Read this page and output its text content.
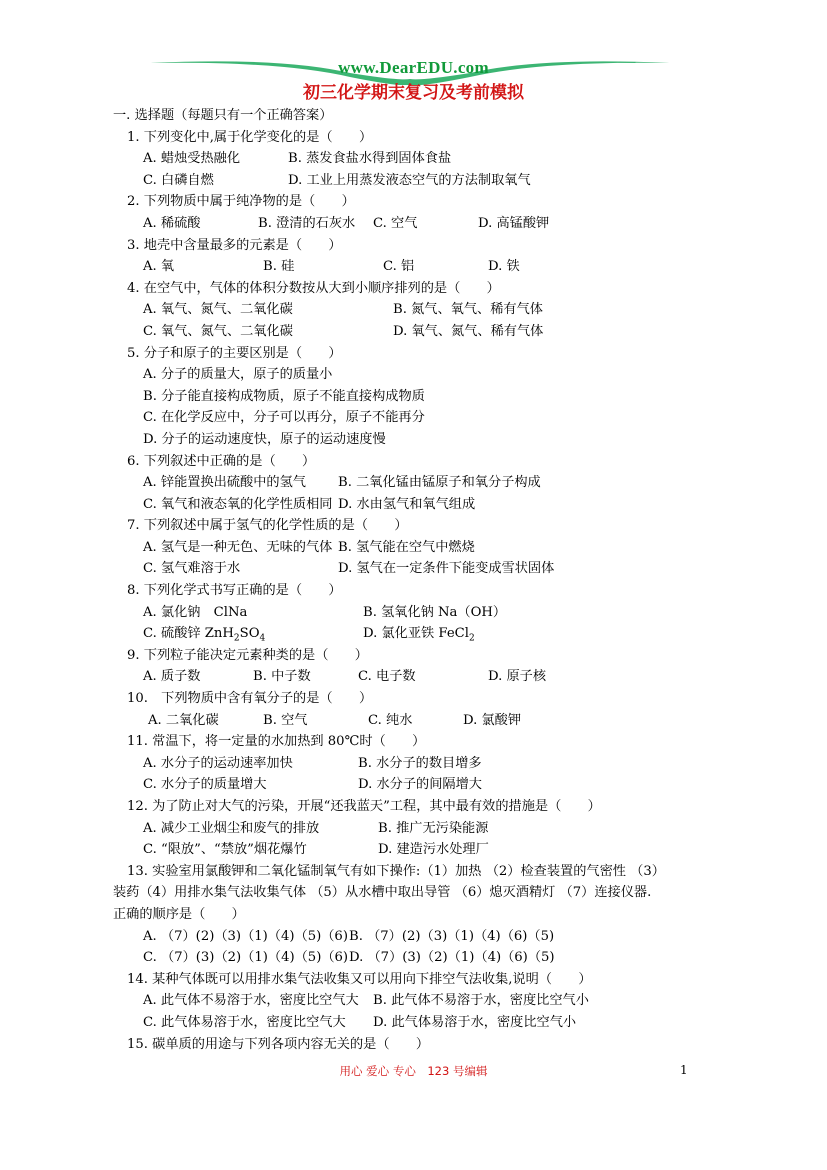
www.DearEDU.com
初三化学期末复习及考前模拟
一. 选择题（每题只有一个正确答案）
1. 下列变化中,属于化学变化的是（　　）
A. 蜡烛受热融化	B. 蒸发食盐水得到固体食盐
C. 白磷自燃	D. 工业上用蒸发液态空气的方法制取氧气
2. 下列物质中属于纯净物的是（　　）
A. 稀硫酸	B. 澄清的石灰水 C. 空气	D. 高锰酸钾
3. 地壳中含量最多的元素是（　　）
A. 氧	B. 硅	C. 铝	D. 铁
4. 在空气中，气体的体积分数按从大到小顺序排列的是（　　）
A. 氧气、氮气、二氧化碳	B. 氮气、氧气、稀有气体
C. 氧气、氮气、二氧化碳	D. 氧气、氮气、稀有气体
5. 分子和原子的主要区别是（　　）
A. 分子的质量大，原子的质量小
B. 分子能直接构成物质，原子不能直接构成物质
C. 在化学反应中，分子可以再分，原子不能再分
D. 分子的运动速度快，原子的运动速度慢
6. 下列叙述中正确的是（　　）
A. 锌能置换出硫酸中的氢气 B. 二氧化锰由锰原子和氧分子构成
C. 氧气和液态氧的化学性质相同 D. 水由氢气和氧气组成
7. 下列叙述中属于氢气的化学性质的是（　　）
A. 氢气是一种无色、无味的气体 B. 氢气能在空气中燃烧
C. 氢气难溶于水	D. 氢气在一定条件下能变成雪状固体
8. 下列化学式书写正确的是（　　）
A. 氯化钠　ClNa	B. 氢氧化钠 Na（OH）
C. 硫酸锌 $ZnH_2SO_4$	D. 氯化亚铁 FeCl$_2$
9. 下列粒子能决定元素种类的是（　　）
A. 质子数	B. 中子数	C. 电子数	D. 原子核
10.　下列物质中含有氧分子的是（　　）
A. 二氧化碳	B. 空气	C. 纯水	D. 氯酸钾
11. 常温下，将一定量的水加热到 80℃时（　　）
A. 水分子的运动速率加快	B. 水分子的数目增多
C. 水分子的质量增大	D. 水分子的间隔增大
12. 为了防止对大气的污染，开展“还我蓝天”工程，其中最有效的措施是（　　）
A. 减少工业烟尘和废气的排放	B. 推广无污染能源
C. “限放”、“禁放”烟花爆竹	D. 建造污水处理厂
13. 实验室用氯酸钾和二氧化锰制氧气有如下操作:（1）加热 （2）检查装置的气密性 （3）
装药（4）用排水集气法收集气体 （5）从水槽中取出导管 （6）熄灭酒精灯 （7）连接仪器.
正确的顺序是（　　）
A. （7）(2)（3)（1)（4)（5)（6) B. （7）(2)（3)（1)（4)（6)（5)
C. （7）(3)（2)（1)（4)（5)（6) D. （7）(3)（2)（1)（4)（6)（5)
14. 某种气体既可以用排水集气法收集又可以用向下排空气法收集,说明（　　）
A. 此气体不易溶于水，密度比空气大 B. 此气体不易溶于水，密度比空气小
C. 此气体易溶于水，密度比空气大 D. 此气体易溶于水，密度比空气小
15. 碳单质的用途与下列各项内容无关的是（　　）
用心 爱心 专心　123 号编辑	1
